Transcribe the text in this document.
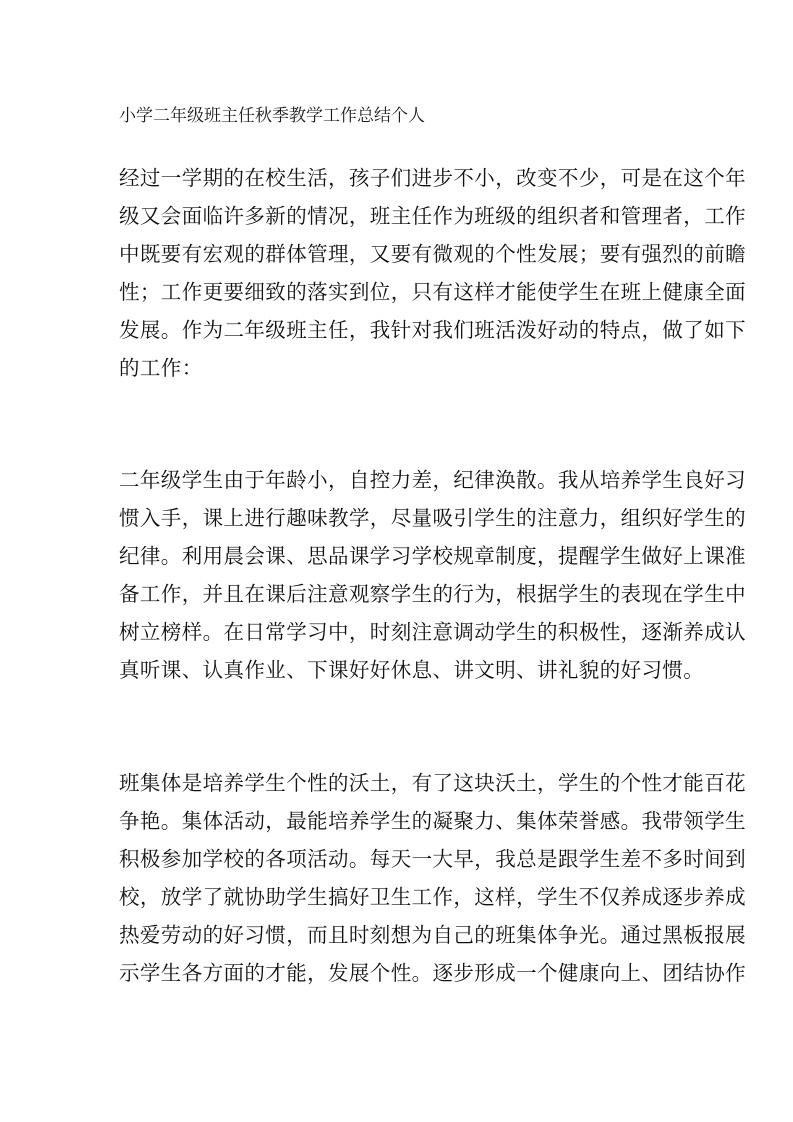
小学二年级班主任秋季教学工作总结个人
经过一学期的在校生活，孩子们进步不小，改变不少，可是在这个年
级又会面临许多新的情况，班主任作为班级的组织者和管理者，工作
中既要有宏观的群体管理，又要有微观的个性发展；要有强烈的前瞻
性；工作更要细致的落实到位，只有这样才能使学生在班上健康全面
发展。作为二年级班主任，我针对我们班活泼好动的特点，做了如下
的工作：
二年级学生由于年龄小，自控力差，纪律涣散。我从培养学生良好习
惯入手，课上进行趣味教学，尽量吸引学生的注意力，组织好学生的
纪律。利用晨会课、思品课学习学校规章制度，提醒学生做好上课准
备工作，并且在课后注意观察学生的行为，根据学生的表现在学生中
树立榜样。在日常学习中，时刻注意调动学生的积极性，逐渐养成认
真听课、认真作业、下课好好休息、讲文明、讲礼貌的好习惯。
班集体是培养学生个性的沃土，有了这块沃土，学生的个性才能百花
争艳。集体活动，最能培养学生的凝聚力、集体荣誉感。我带领学生
积极参加学校的各项活动。每天一大早，我总是跟学生差不多时间到
校，放学了就协助学生搞好卫生工作，这样，学生不仅养成逐步养成
热爱劳动的好习惯，而且时刻想为自己的班集体争光。通过黑板报展
示学生各方面的才能，发展个性。逐步形成一个健康向上、团结协作
